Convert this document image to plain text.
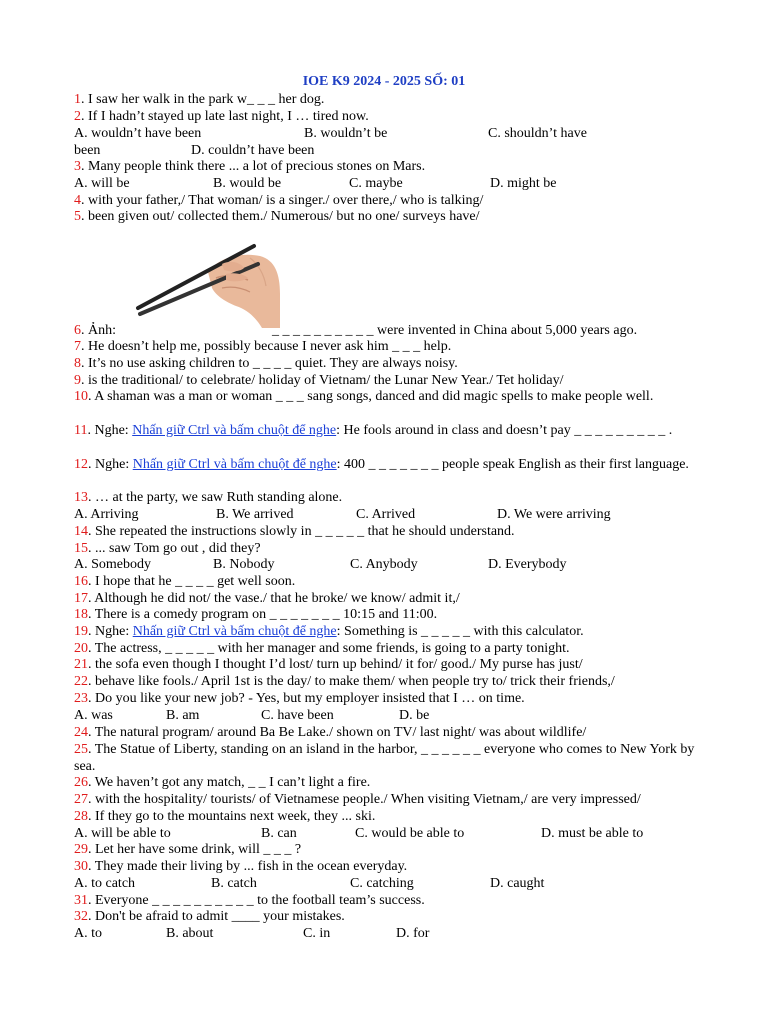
IOE K9 2024 - 2025 SỐ: 01
1. I saw her walk in the park w_ _ _ her dog.
2. If I hadn’t stayed up late last night, I … tired now.
A. wouldn’t have been	B. wouldn’t be	C. shouldn’t have
been	D. couldn’t have been
3. Many people think there ... a lot of precious stones on Mars.
A. will be	B. would be	C. maybe	D. might be
4. with your father,/ That woman/ is a singer./ over there,/ who is talking/
5. been given out/ collected them./ Numerous/ but no one/ surveys have/
6. Ảnh:	_ _ _ _ _ _ _ _ _ _ were invented in China about 5,000 years ago.
7. He doesn’t help me, possibly because I never ask him _ _ _ help.
8. It’s no use asking children to _ _ _ _ quiet. They are always noisy.
9. is the traditional/ to celebrate/ holiday of Vietnam/ the Lunar New Year./ Tet holiday/
10. A shaman was a man or woman _ _ _ sang songs, danced and did magic spells to make people well.
11. Nghe: Nhấn giữ Ctrl và bấm chuột để nghe: He fools around in class and doesn’t pay _ _ _ _ _ _ _ _ _ .
12. Nghe: Nhấn giữ Ctrl và bấm chuột để nghe: 400 _ _ _ _ _ _ _ people speak English as their first language.
13. … at the party, we saw Ruth standing alone.
A. Arriving	B. We arrived	C. Arrived	D. We were arriving
14. She repeated the instructions slowly in _ _ _ _ _ that he should understand.
15. ... saw Tom go out , did they?
A. Somebody	B. Nobody	C. Anybody	D. Everybody
16. I hope that he _ _ _ _ get well soon.
17. Although he did not/ the vase./ that he broke/ we know/ admit it,/
18. There is a comedy program on _ _ _ _ _ _ _ 10:15 and 11:00.
19. Nghe: Nhấn giữ Ctrl và bấm chuột để nghe: Something is _ _ _ _ _ with this calculator.
20. The actress, _ _ _ _ _ with her manager and some friends, is going to a party tonight.
21. the sofa even though I thought I’d lost/ turn up behind/ it for/ good./ My purse has just/
22. behave like fools./ April 1st is the day/ to make them/ when people try to/ trick their friends,/
23. Do you like your new job? - Yes, but my employer insisted that I … on time.
A. was	B. am	C. have been	D. be
24. The natural program/ around Ba Be Lake./ shown on TV/ last night/ was about wildlife/
25. The Statue of Liberty, standing on an island in the harbor, _ _ _ _ _ _ everyone who comes to New York by sea.
26. We haven’t got any match, _ _ I can’t light a fire.
27. with the hospitality/ tourists/ of Vietnamese people./ When visiting Vietnam,/ are very impressed/
28. If they go to the mountains next week, they ... ski.
A. will be able to	B. can	C. would be able to	D. must be able to
29. Let her have some drink, will _ _ _ ?
30. They made their living by ... fish in the ocean everyday.
A. to catch	B. catch	C. catching	D. caught
31. Everyone _ _ _ _ _ _ _ _ _ _ to the football team’s success.
32. Don't be afraid to admit ____ your mistakes.
A. to	B. about	C. in	D. for
